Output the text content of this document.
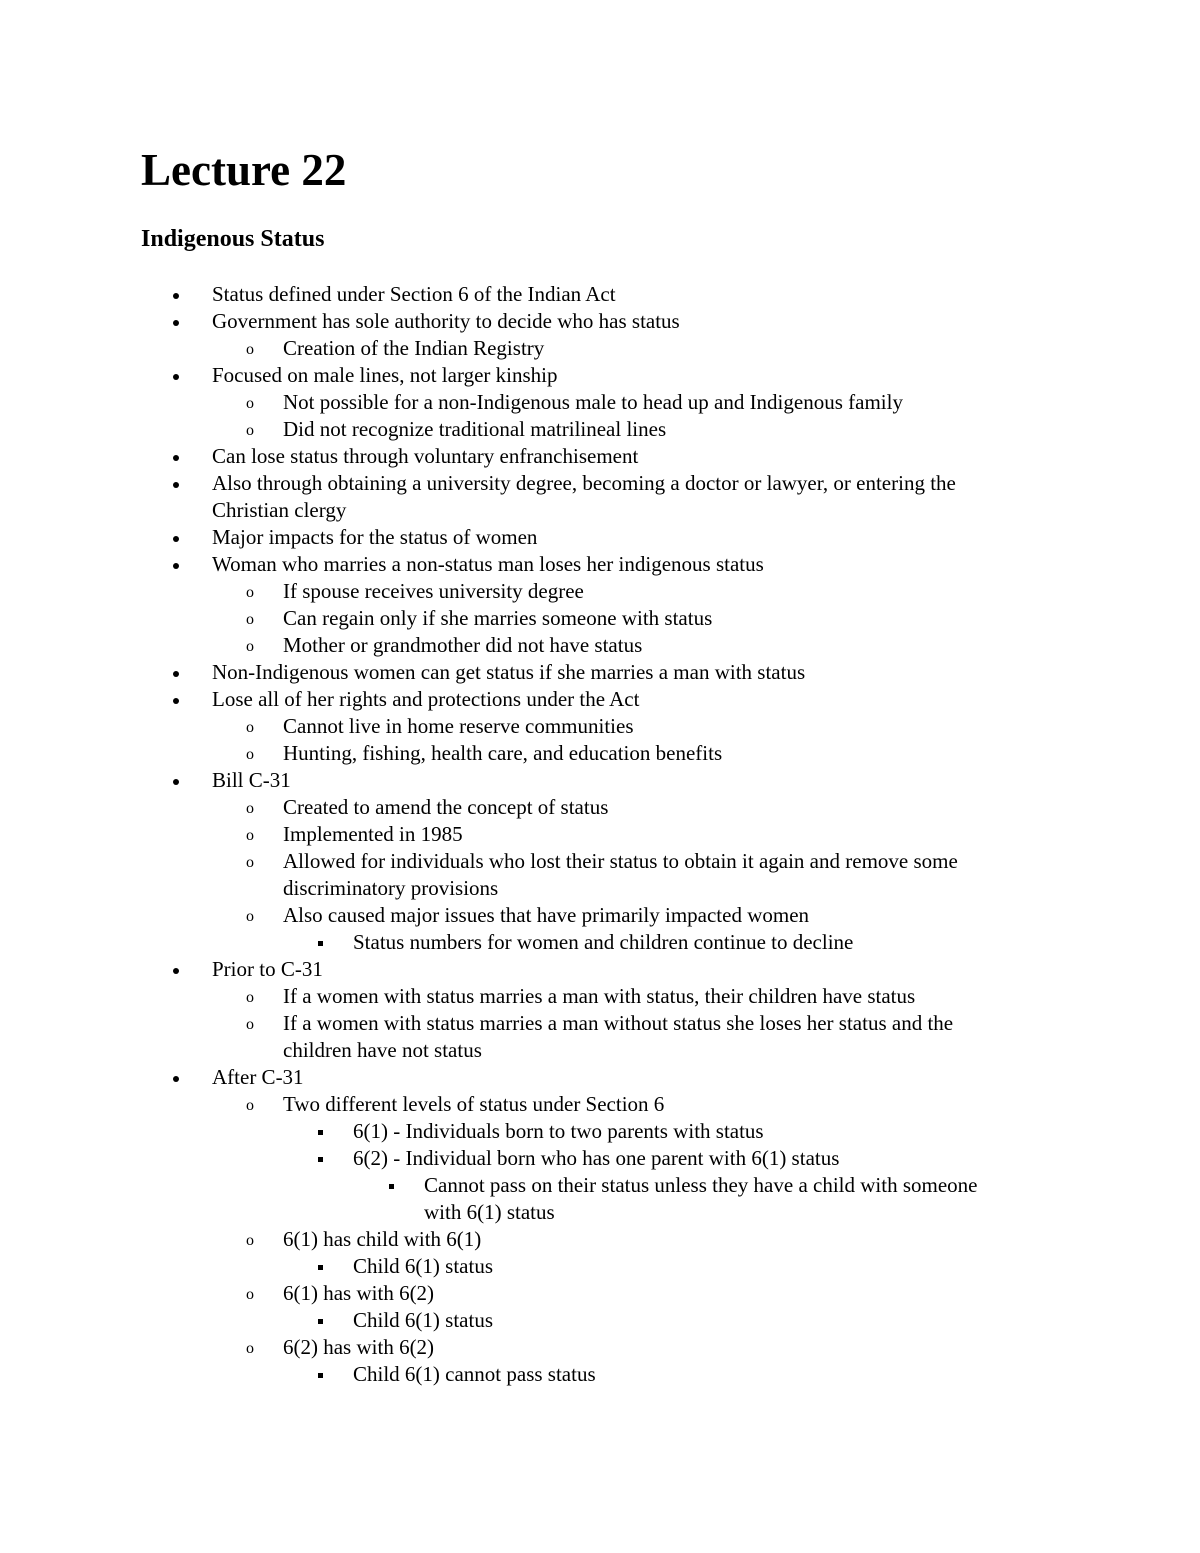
Lecture 22
Indigenous Status
Status defined under Section 6 of the Indian Act
Government has sole authority to decide who has status
o Creation of the Indian Registry
Focused on male lines, not larger kinship
o Not possible for a non-Indigenous male to head up and Indigenous family
o Did not recognize traditional matrilineal lines
Can lose status through voluntary enfranchisement
Also through obtaining a university degree, becoming a doctor or lawyer, or entering the
Christian clergy
Major impacts for the status of women
Woman who marries a non-status man loses her indigenous status
o If spouse receives university degree
o Can regain only if she marries someone with status
o Mother or grandmother did not have status
Non-Indigenous women can get status if she marries a man with status
Lose all of her rights and protections under the Act
o Cannot live in home reserve communities
o Hunting, fishing, health care, and education benefits
Bill C-31
o Created to amend the concept of status
o Implemented in 1985
o Allowed for individuals who lost their status to obtain it again and remove some
discriminatory provisions
o Also caused major issues that have primarily impacted women
Status numbers for women and children continue to decline
Prior to C-31
o If a women with status marries a man with status, their children have status
o If a women with status marries a man without status she loses her status and the
children have not status
After C-31
o Two different levels of status under Section 6
6(1) - Individuals born to two parents with status
6(2) - Individual born who has one parent with 6(1) status
Cannot pass on their status unless they have a child with someone
with 6(1) status
o 6(1) has child with 6(1)
Child 6(1) status
o 6(1) has with 6(2)
Child 6(1) status
o 6(2) has with 6(2)
Child 6(1) cannot pass status
